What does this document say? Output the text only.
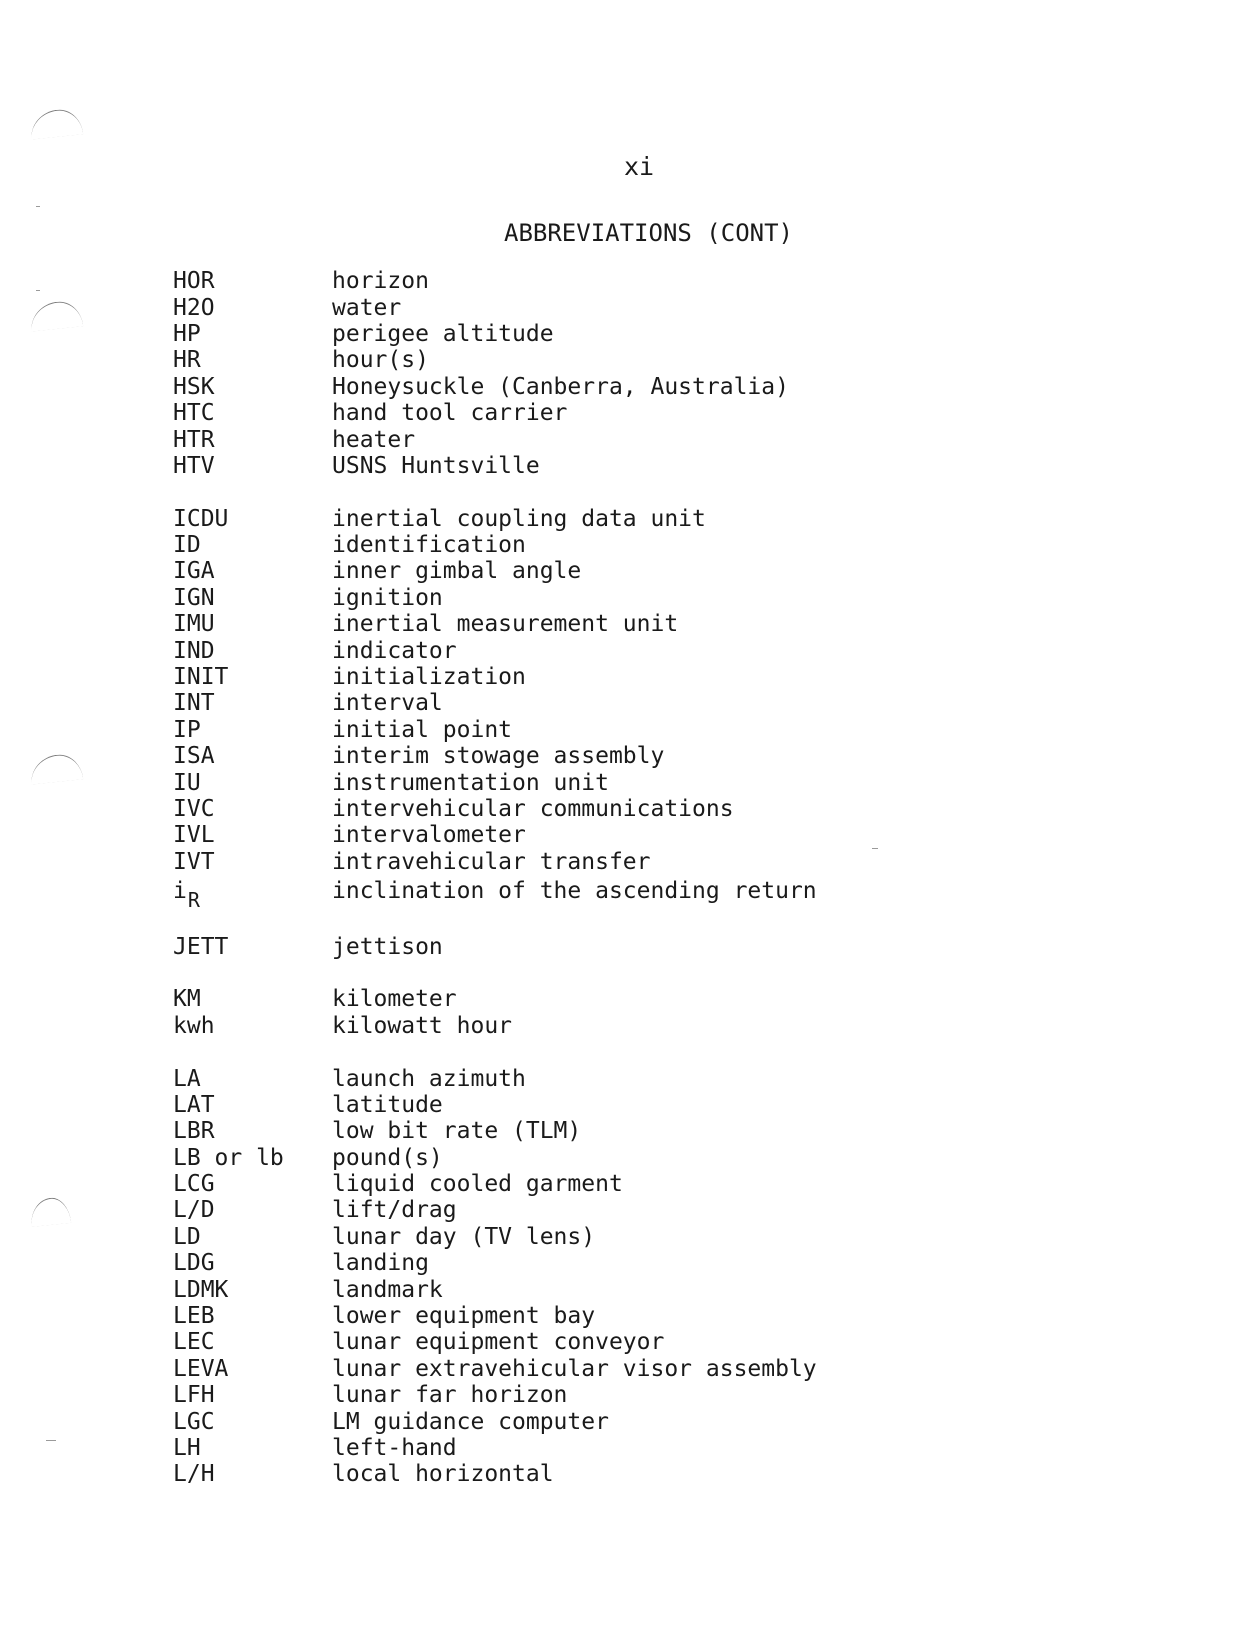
xi
ABBREVIATIONS (CONT)
HOR	horizon
H2O	water
HP	perigee altitude
HR	hour(s)
HSK	Honeysuckle (Canberra, Australia)
HTC	hand tool carrier
HTR	heater
HTV	USNS Huntsville
ICDU	inertial coupling data unit
ID	identification
IGA	inner gimbal angle
IGN	ignition
IMU	inertial measurement unit
IND	indicator
INIT	initialization
INT	interval
IP	initial point
ISA	interim stowage assembly
IU	instrumentation unit
IVC	intervehicular communications
IVL	intervalometer
IVT	intravehicular transfer
iR	inclination of the ascending return
JETT	jettison
KM	kilometer
kwh	kilowatt hour
LA	launch azimuth
LAT	latitude
LBR	low bit rate (TLM)
LB or lb	pound(s)
LCG	liquid cooled garment
L/D	lift/drag
LD	lunar day (TV lens)
LDG	landing
LDMK	landmark
LEB	lower equipment bay
LEC	lunar equipment conveyor
LEVA	lunar extravehicular visor assembly
LFH	lunar far horizon
LGC	LM guidance computer
LH	left-hand
L/H	local horizontal
